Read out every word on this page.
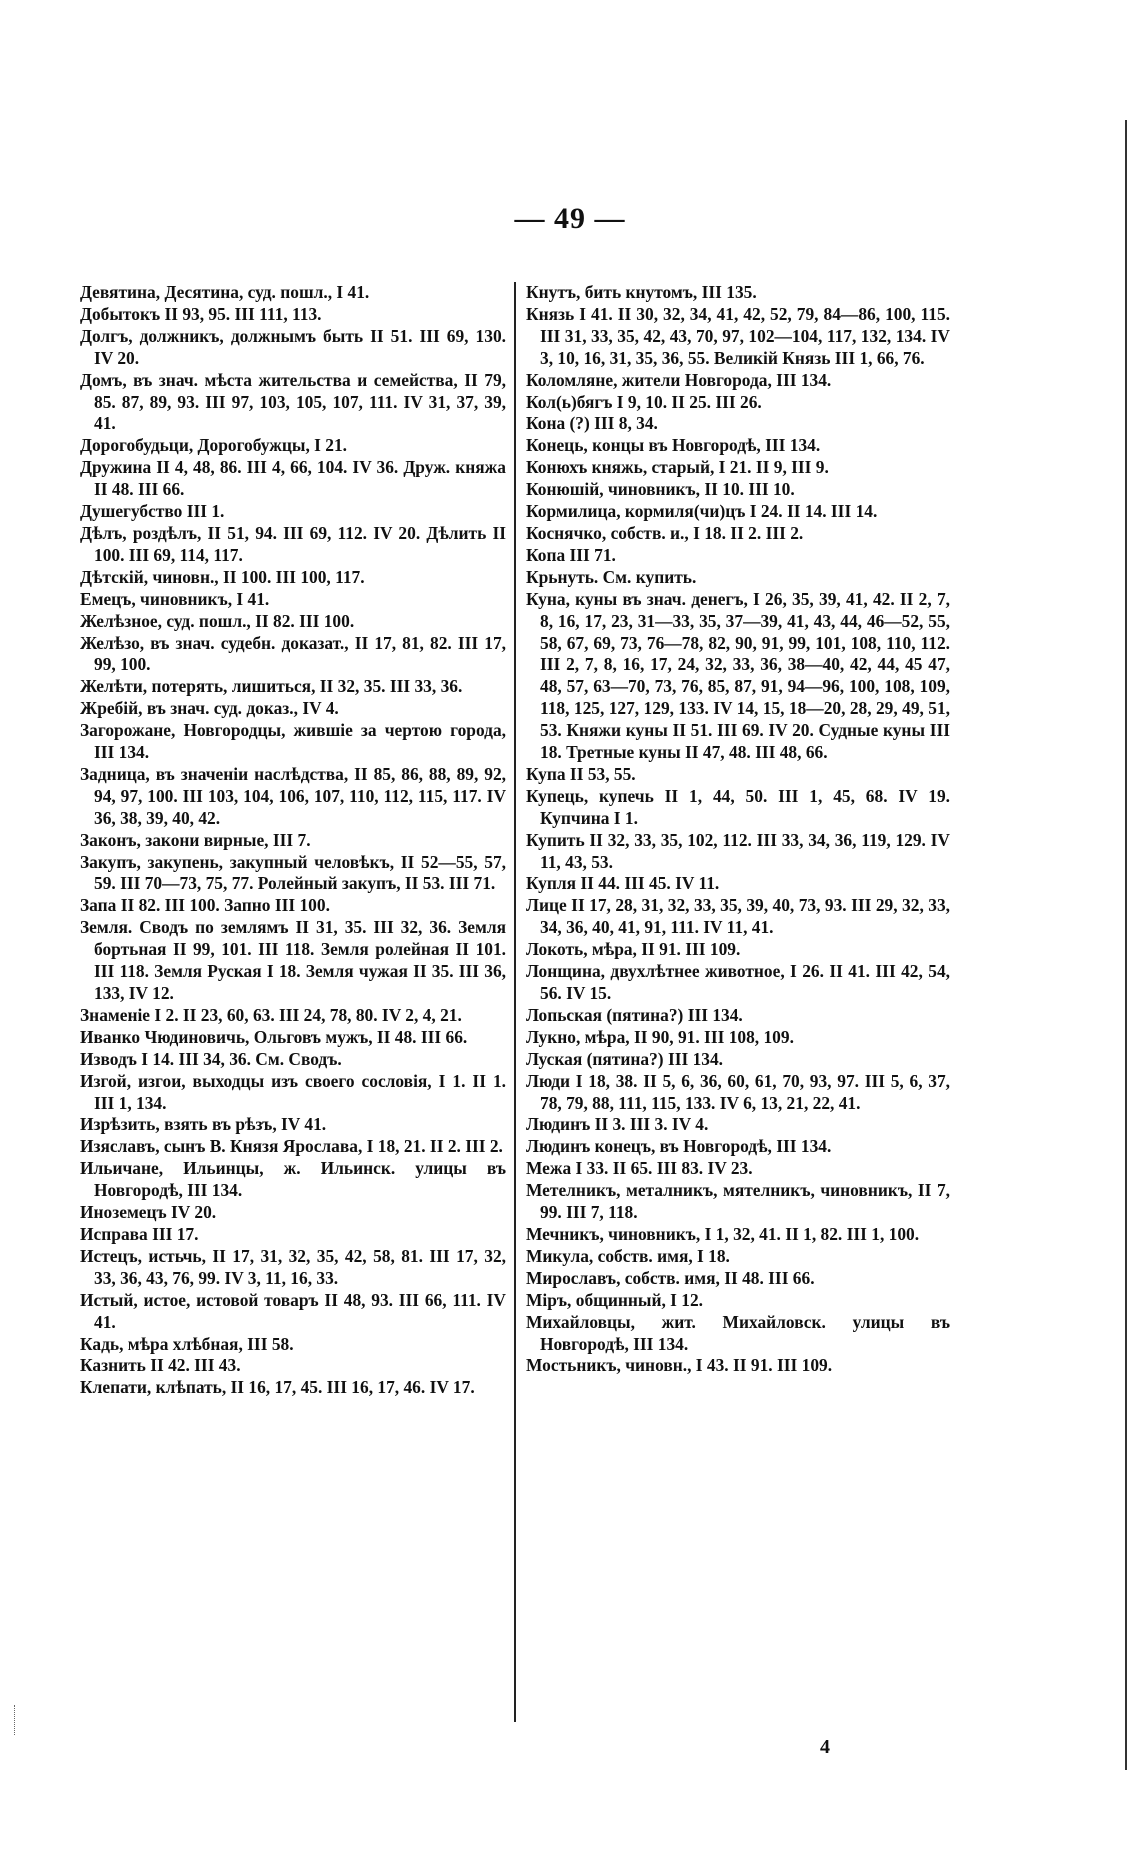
— 49 —

Девятина, Десятина, суд. пошл., I 41.

Добытокъ II 93, 95. III 111, 113.

Долгъ, должникъ, должнымъ быть II 51. III 69, 130. IV 20.

Домъ, въ знач. мѣста жительства и семейства, II 79, 85. 87, 89, 93. III 97, 103, 105, 107, 111. IV 31, 37, 39, 41.

Дорогобудьци, Дорогобужцы, I 21.

Дружина II 4, 48, 86. III 4, 66, 104. IV 36. Друж. княжа II 48. III 66.

Душегубство III 1.

Дѣлъ, роздѣлъ, II 51, 94. III 69, 112. IV 20. Дѣлить II 100. III 69, 114, 117.

Дѣтскій, чиновн., II 100. III 100, 117.

Емецъ, чиновникъ, I 41.

Желѣзное, суд. пошл., II 82. III 100.

Желѣзо, въ знач. судебн. доказат., II 17, 81, 82. III 17, 99, 100.

Желѣти, потерять, лишиться, II 32, 35. III 33, 36.

Жребій, въ знач. суд. доказ., IV 4.

Загорожане, Новгородцы, жившіе за чертою города, III 134.

Задница, въ значеніи наслѣдства, II 85, 86, 88, 89, 92, 94, 97, 100. III 103, 104, 106, 107, 110, 112, 115, 117. IV 36, 38, 39, 40, 42.

Законъ, закони вирные, III 7.

Закупъ, закупень, закупный человѣкъ, II 52—55, 57, 59. III 70—73, 75, 77. Ролейный закупъ, II 53. III 71.

Запа II 82. III 100. Запно III 100.

Земля. Сводъ по землямъ II 31, 35. III 32, 36. Земля бортьная II 99, 101. III 118. Земля ролейная II 101. III 118. Земля Руская I 18. Земля чужая II 35. III 36, 133, IV 12.

Знаменіе I 2. II 23, 60, 63. III 24, 78, 80. IV 2, 4, 21.

Иванко Чюдиновичь, Ольговъ мужъ, II 48. III 66.

Изводъ I 14. III 34, 36. См. Сводъ.

Изгой, изгои, выходцы изъ своего сословія, I 1. II 1. III 1, 134.

Изрѣзить, взять въ рѣзъ, IV 41.

Изяславъ, сынъ В. Князя Ярослава, I 18, 21. II 2. III 2.

Ильичане, Ильинцы, ж. Ильинск. улицы въ Новгородѣ, III 134.

Иноземецъ IV 20.

Исправа III 17.

Истецъ, истьчь, II 17, 31, 32, 35, 42, 58, 81. III 17, 32, 33, 36, 43, 76, 99. IV 3, 11, 16, 33.

Истый, истое, истовой товаръ II 48, 93. III 66, 111. IV 41.

Кадь, мѣра хлѣбная, III 58.

Казнить II 42. III 43.

Клепати, клѣпать, II 16, 17, 45. III 16, 17, 46. IV 17.

Кнутъ, бить кнутомъ, III 135.

Князь I 41. II 30, 32, 34, 41, 42, 52, 79, 84—86, 100, 115. III 31, 33, 35, 42, 43, 70, 97, 102—104, 117, 132, 134. IV 3, 10, 16, 31, 35, 36, 55. Великій Князь III 1, 66, 76.

Коломляне, жители Новгорода, III 134.

Кол(ь)бягъ I 9, 10. II 25. III 26.

Кона (?) III 8, 34.

Конець, концы въ Новгородѣ, III 134.

Конюхъ княжь, старый, I 21. II 9, III 9.

Конюшій, чиновникъ, II 10. III 10.

Кормилица, кормиля(чи)цъ I 24. II 14. III 14.

Коснячко, собств. и., I 18. II 2. III 2.

Копа III 71.

Крьнуть. См. купить.

Куна, куны въ знач. денегъ, I 26, 35, 39, 41, 42. II 2, 7, 8, 16, 17, 23, 31—33, 35, 37—39, 41, 43, 44, 46—52, 55, 58, 67, 69, 73, 76—78, 82, 90, 91, 99, 101, 108, 110, 112. III 2, 7, 8, 16, 17, 24, 32, 33, 36, 38—40, 42, 44, 45 47, 48, 57, 63—70, 73, 76, 85, 87, 91, 94—96, 100, 108, 109, 118, 125, 127, 129, 133. IV 14, 15, 18—20, 28, 29, 49, 51, 53. Княжи куны II 51. III 69. IV 20. Судные куны III 18. Третные куны II 47, 48. III 48, 66.

Купа II 53, 55.

Купець, купечь II 1, 44, 50. III 1, 45, 68. IV 19. Купчина I 1.

Купить II 32, 33, 35, 102, 112. III 33, 34, 36, 119, 129. IV 11, 43, 53.

Купля II 44. III 45. IV 11.

Лице II 17, 28, 31, 32, 33, 35, 39, 40, 73, 93. III 29, 32, 33, 34, 36, 40, 41, 91, 111. IV 11, 41.

Локоть, мѣра, II 91. III 109.

Лонщина, двухлѣтнее животное, I 26. II 41. III 42, 54, 56. IV 15.

Лопьская (пятина?) III 134.

Лукно, мѣра, II 90, 91. III 108, 109.

Луская (пятина?) III 134.

Люди I 18, 38. II 5, 6, 36, 60, 61, 70, 93, 97. III 5, 6, 37, 78, 79, 88, 111, 115, 133. IV 6, 13, 21, 22, 41.

Людинъ II 3. III 3. IV 4.

Людинъ конецъ, въ Новгородѣ, III 134.

Межа I 33. II 65. III 83. IV 23.

Метелникъ, металникъ, мятелникъ, чиновникъ, II 7, 99. III 7, 118.

Мечникъ, чиновникъ, I 1, 32, 41. II 1, 82. III 1, 100.

Микула, собств. имя, I 18.

Мирославъ, собств. имя, II 48. III 66.

Міръ, общинный, I 12.

Михайловцы, жит. Михайловск. улицы въ Новгородѣ, III 134.

Мостьникъ, чиновн., I 43. II 91. III 109.

4
